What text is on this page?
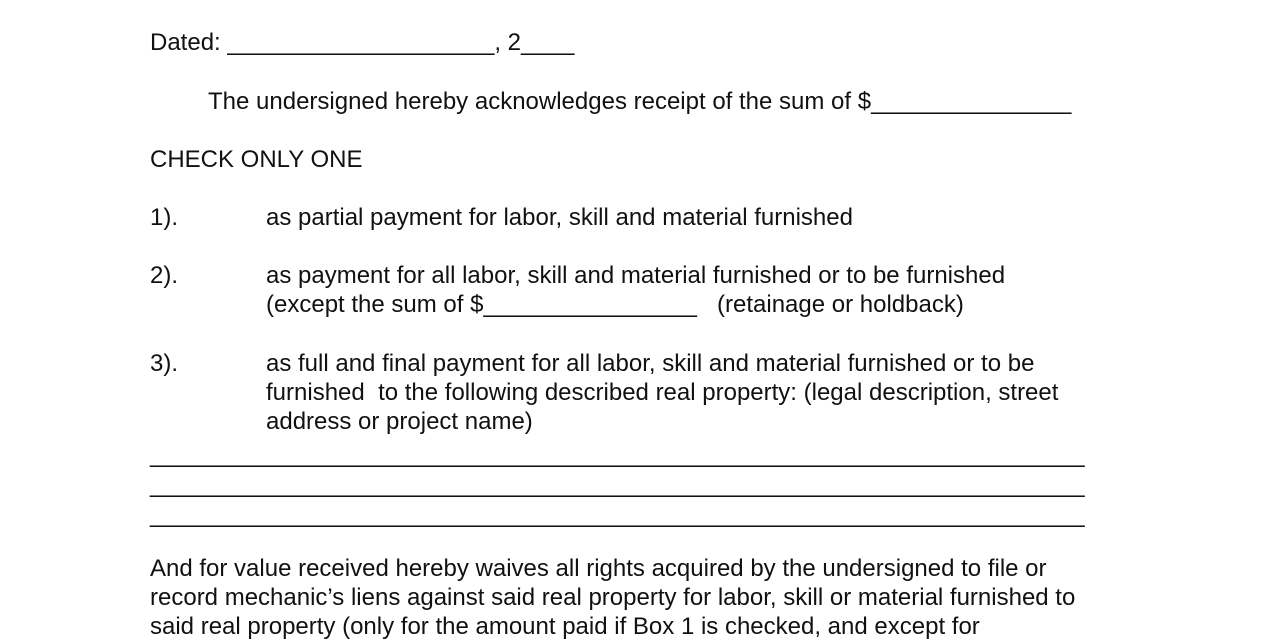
Dated: ____________________, 2____
The undersigned hereby acknowledges receipt of the sum of $_______________
CHECK ONLY ONE
1).	as partial payment for labor, skill and material furnished
2).	as payment for all labor, skill and material furnished or to be furnished
(except the sum of $________________   (retainage or holdback)
3).	as full and final payment for all labor, skill and material furnished or to be
furnished  to the following described real property: (legal description, street
address or project name)
_____________________________________________________________________
_____________________________________________________________________
_____________________________________________________________________
And for value received hereby waives all rights acquired by the undersigned to file or
record mechanic’s liens against said real property for labor, skill or material furnished to
said real property (only for the amount paid if Box 1 is checked, and except for
